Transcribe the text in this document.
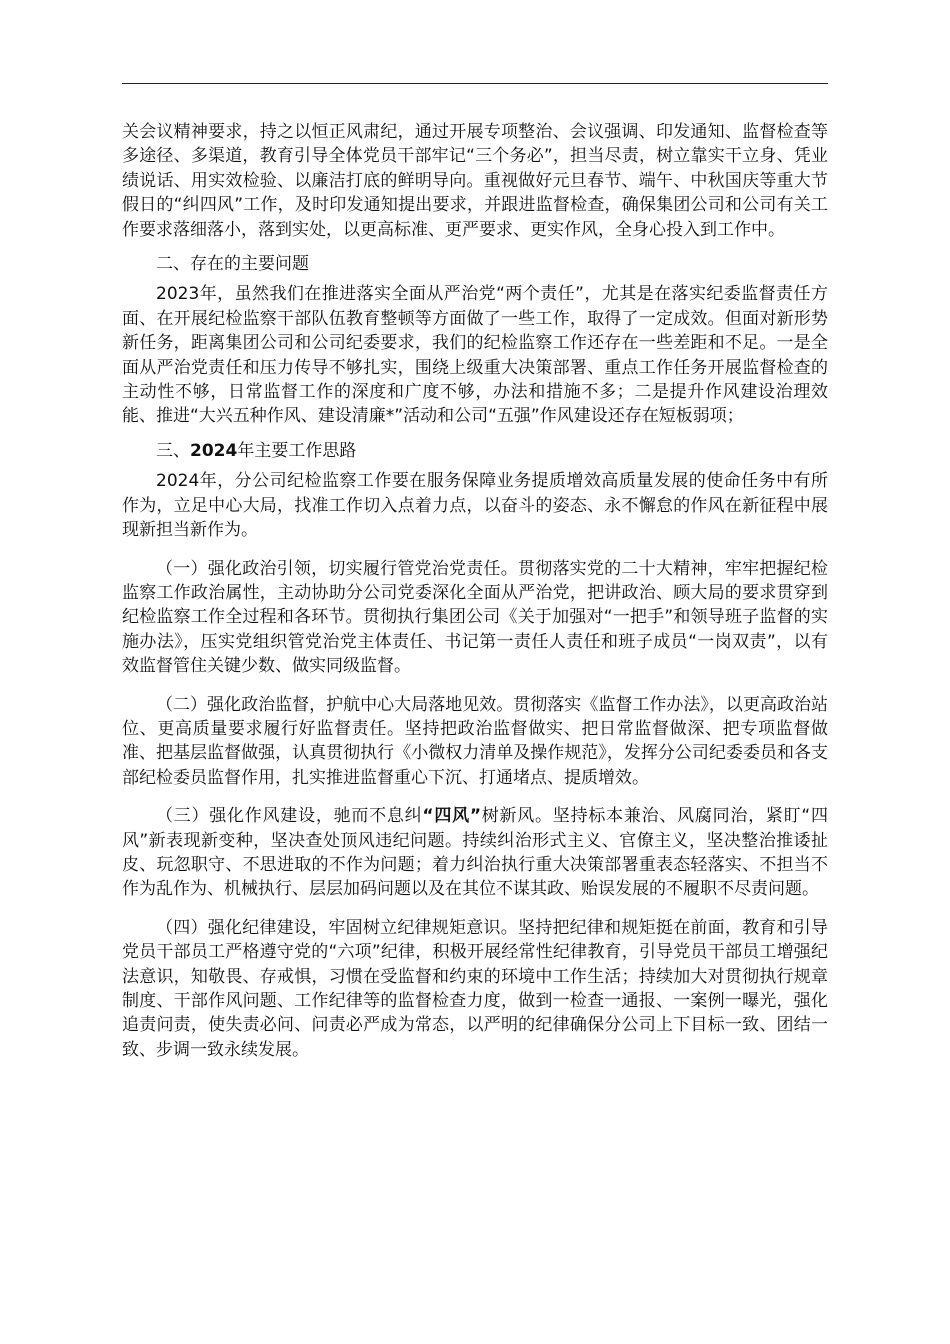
关会议精神要求，持之以恒正风肃纪，通过开展专项整治、会议强调、印发通知、监督检查等多途径、多渠道，教育引导全体党员干部牢记“三个务必”，担当尽责，树立靠实干立身、凭业绩说话、用实效检验、以廉洁打底的鲜明导向。重视做好元旦春节、端午、中秋国庆等重大节假日的“纠四风”工作，及时印发通知提出要求，并跟进监督检查，确保集团公司和公司有关工作要求落细落小，落到实处，以更高标准、更严要求、更实作风，全身心投入到工作中。

二、存在的主要问题

2023年，虽然我们在推进落实全面从严治党“两个责任”，尤其是在落实纪委监督责任方面、在开展纪检监察干部队伍教育整顿等方面做了一些工作，取得了一定成效。但面对新形势新任务，距离集团公司和公司纪委要求，我们的纪检监察工作还存在一些差距和不足。一是全面从严治党责任和压力传导不够扎实，围绕上级重大决策部署、重点工作任务开展监督检查的主动性不够，日常监督工作的深度和广度不够，办法和措施不多；二是提升作风建设治理效能、推进“大兴五种作风、建设清廉*”活动和公司“五强”作风建设还存在短板弱项；

三、2024年主要工作思路

2024年，分公司纪检监察工作要在服务保障业务提质增效高质量发展的使命任务中有所作为，立足中心大局，找准工作切入点着力点，以奋斗的姿态、永不懈怠的作风在新征程中展现新担当新作为。

（一）强化政治引领，切实履行管党治党责任。贯彻落实党的二十大精神，牢牢把握纪检监察工作政治属性，主动协助分公司党委深化全面从严治党，把讲政治、顾大局的要求贯穿到纪检监察工作全过程和各环节。贯彻执行集团公司《关于加强对“一把手”和领导班子监督的实施办法》，压实党组织管党治党主体责任、书记第一责任人责任和班子成员“一岗双责”，以有效监督管住关键少数、做实同级监督。

（二）强化政治监督，护航中心大局落地见效。贯彻落实《监督工作办法》，以更高政治站位、更高质量要求履行好监督责任。坚持把政治监督做实、把日常监督做深、把专项监督做准、把基层监督做强，认真贯彻执行《小微权力清单及操作规范》，发挥分公司纪委委员和各支部纪检委员监督作用，扎实推进监督重心下沉、打通堵点、提质增效。

（三）强化作风建设，驰而不息纠“四风”树新风。坚持标本兼治、风腐同治，紧盯“四风”新表现新变种，坚决查处顶风违纪问题。持续纠治形式主义、官僚主义，坚决整治推诿扯皮、玩忽职守、不思进取的不作为问题；着力纠治执行重大决策部署重表态轻落实、不担当不作为乱作为、机械执行、层层加码问题以及在其位不谋其政、贻误发展的不履职不尽责问题。

（四）强化纪律建设，牢固树立纪律规矩意识。坚持把纪律和规矩挺在前面，教育和引导党员干部员工严格遵守党的“六项”纪律，积极开展经常性纪律教育，引导党员干部员工增强纪法意识，知敬畏、存戒惧，习惯在受监督和约束的环境中工作生活；持续加大对贯彻执行规章制度、干部作风问题、工作纪律等的监督检查力度，做到一检查一通报、一案例一曝光，强化追责问责，使失责必问、问责必严成为常态，以严明的纪律确保分公司上下目标一致、团结一致、步调一致永续发展。
